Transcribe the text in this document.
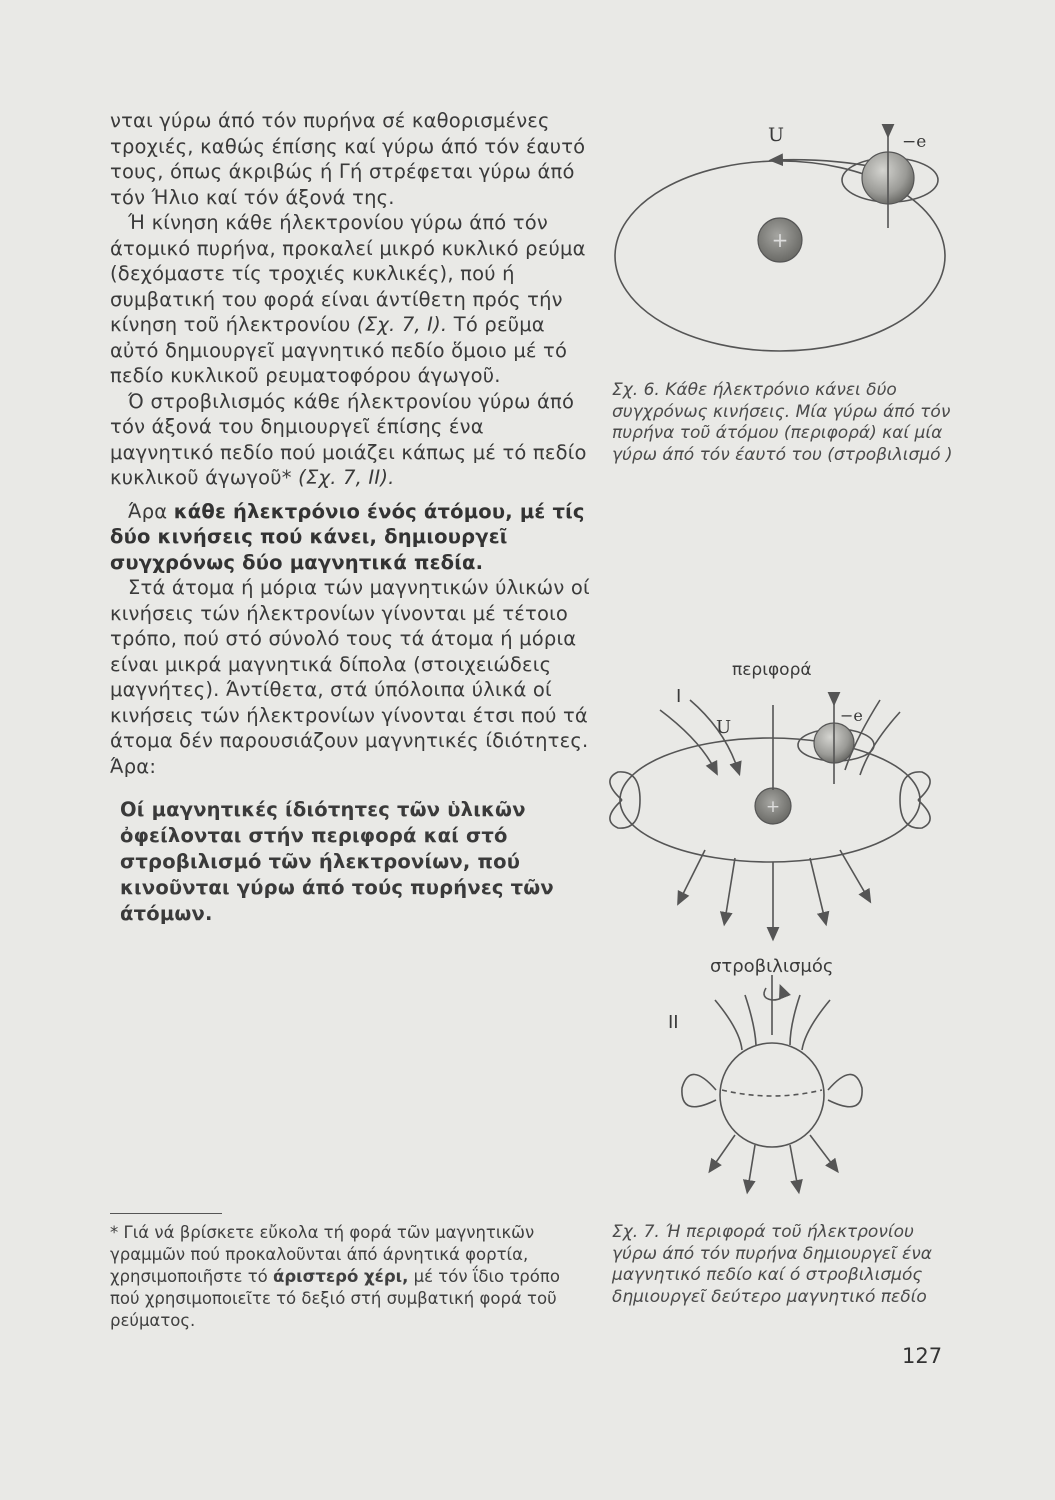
νται γύρω άπό τόν πυρήνα σέ καθορισμένες τροχιές, καθώς έπίσης καί γύρω άπό τόν έαυτό τους, όπως άκριβώς ή Γή στρέφεται γύρω άπό τόν Ήλιο καί τόν άξονά της.

Ή κίνηση κάθε ήλεκτρονίου γύρω άπό τόν άτομικό πυρήνα, προκαλεί μικρό κυκλικό ρεύμα (δεχόμαστε τίς τροχιές κυκλικές), πού ή συμβατική του φορά είναι άντίθετη πρός τήν κίνηση τοῦ ήλεκτρονίου (Σχ. 7, Ι). Τό ρεῦμα αὐτό δημιουργεῖ μαγνητικό πεδίο ὅμοιο μέ τό πεδίο κυκλικοῦ ρευματοφόρου άγωγοῦ.

Ό στροβιλισμός κάθε ήλεκτρονίου γύρω άπό τόν άξονά του δημιουργεῖ έπίσης ένα μαγνητικό πεδίο πού μοιάζει κάπως μέ τό πεδίο κυκλικοῦ άγωγοῦ* (Σχ. 7, ΙΙ).

Άρα κάθε ήλεκτρόνιο ένός άτόμου, μέ τίς δύο κινήσεις πού κάνει, δημιουργεῖ συγχρόνως δύο μαγνητικά πεδία.

Στά άτομα ή μόρια τών μαγνητικών ύλικών οί κινήσεις τών ήλεκτρονίων γίνονται μέ τέτοιο τρόπο, πού στό σύνολό τους τά άτομα ή μόρια είναι μικρά μαγνητικά δίπολα (στοιχειώδεις μαγνήτες). Άντίθετα, στά ύπόλοιπα ύλικά οί κινήσεις τών ήλεκτρονίων γίνονται έτσι πού τά άτομα δέν παρουσιάζουν μαγνητικές ίδιότητες. Άρα:

Οί μαγνητικές ίδιότητες τῶν ὑλικῶν ὀφείλονται στήν περιφορά καί στό στροβιλισμό τῶν ήλεκτρονίων, πού κινοῦνται γύρω άπό τούς πυρήνες τῶν άτόμων.

+
+
U	−e
Σχ. 6. Κάθε ήλεκτρόνιο κάνει δύο συγχρόνως κινήσεις. Μία γύρω άπό τόν πυρήνα τοῦ άτόμου (περιφορά) καί μία γύρω άπό τόν έαυτό του (στροβιλισμό )
περιφορά
Ι
U
−e
στροβιλισμός
ΙΙ
Σχ. 7. Ή περιφορά τοῦ ήλεκτρονίου γύρω άπό τόν πυρήνα δημιουργεῖ ένα μαγνητικό πεδίο καί ό στροβιλισμός δημιουργεῖ δεύτερο μαγνητικό πεδίο
* Γιά νά βρίσκετε εὔκολα τή φορά τῶν μαγνητικῶν γραμμῶν πού προκαλοῦνται άπό άρνητικά φορτία, χρησιμοποιῆστε τό άριστερό χέρι, μέ τόν ΐδιο τρόπο πού χρησιμοποιεῖτε τό δεξιό στή συμβατική φορά τοῦ ρεύματος.
127
